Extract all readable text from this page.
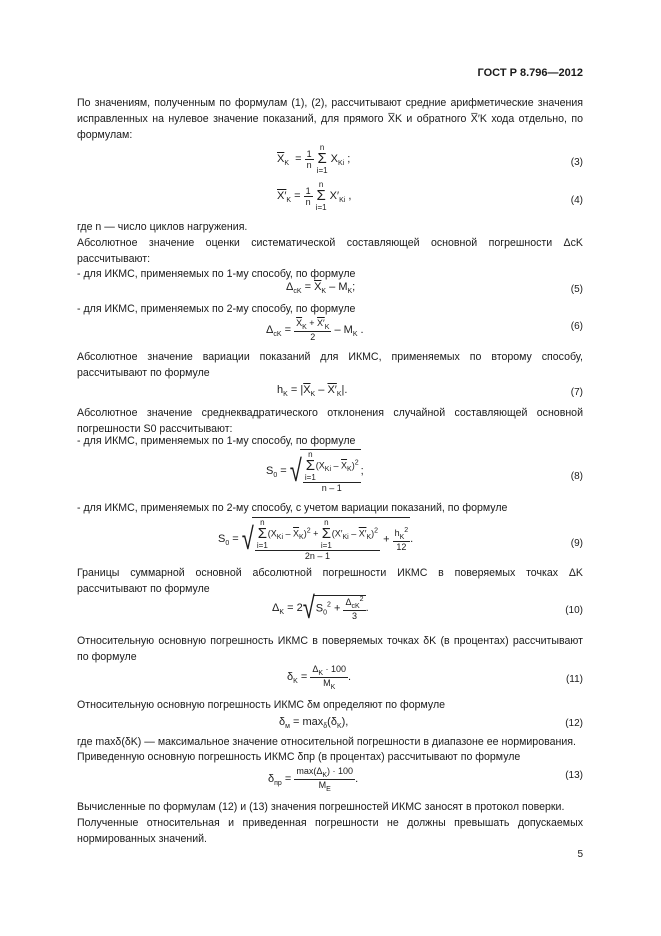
ГОСТ Р 8.796—2012
По значениям, полученным по формулам (1), (2), рассчитывают средние арифметические значения исправленных на нулевое значение показаний, для прямого X̅K и обратного X̅′K хода отдельно, по формулам:
$\overline{X}_K = \frac{1}{n}$
n
Σ
i=1 $X_{Ki}$ ;	(3)
$X'_K = \frac{1}{n}$
n
Σ
i=1 $X'_{Ki}$ ,	(4)
где n — число циклов нагружения.
Абсолютное значение оценки систематической составляющей основной погрешности ΔcK рассчитывают:
- для ИКМС, применяемых по 1-му способу, по формуле
$\Delta_{cK} = \overline{X}_K - M_K$;	(5)
- для ИКМС, применяемых по 2-му способу, по формуле
$\Delta_{cK} = \frac{\overline{X}_K + X'_K}{2} - M_K$ .	(6)
Абсолютное значение вариации показаний для ИКМС, применяемых по второму способу, рассчитывают по формуле
$h_K = |\overline{X}_K - X'_K|$.	(7)
Абсолютное значение среднеквадратического отклонения случайной составляющей основной погрешности S0 рассчитывают:
- для ИКМС, применяемых по 1-му способу, по формуле
$S_0$ = √ n
Σ
$i=1(X_{Ki} - \overline{X}_K)^2$
n – 1
;	(8)
- для ИКМС, применяемых по 2-му способу, с учетом вариации показаний, по формуле
$S_0$ = √ n
Σ
$i=1(X_{Ki} - \overline{X}_K)^2 + n$
Σ
$i=1(X'_{Ki} - X'_K)^2$
2n – 1
+ $\frac{h_K^2}{12}$ .	(9)
Границы суммарной основной абсолютной погрешности ИКМС в поверяемых точках ΔK рассчитывают по формуле
$\Delta_K = 2√S_0^2 + \frac{\Delta_{cK}^2}{3}$ .	(10)
Относительную основную погрешность ИКМС в поверяемых точках δK (в процентах) рассчитывают по формуле
$\delta_K = \frac{\Delta_K \cdot 100}{M_K}$ .	(11)
Относительную основную погрешность ИКМС δм определяют по формуле
$\delta_м = \max_\delta(\delta_K)$,	(12)
где maxδ(δK) — максимальное значение относительной погрешности в диапазоне ее нормирования.
Приведенную основную погрешность ИКМС δпр (в процентах) рассчитывают по формуле
$\delta_{пр} = \frac{\max(\Delta_K) \cdot 100}{M_E}$ .	(13)
Вычисленные по формулам (12) и (13) значения погрешностей ИКМС заносят в протокол поверки.
Полученные относительная и приведенная погрешности не должны превышать допускаемых нормированных значений.
5
